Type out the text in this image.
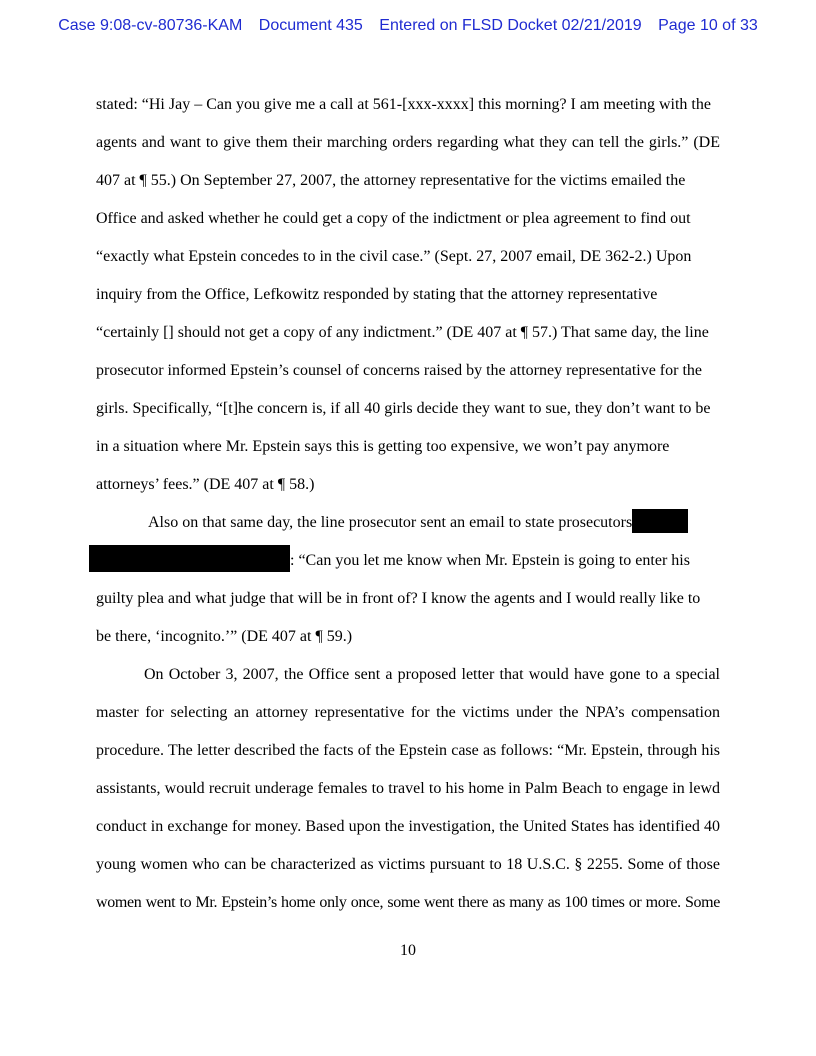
Case 9:08-cv-80736-KAM Document 435 Entered on FLSD Docket 02/21/2019 Page 10 of 33
stated: “Hi Jay – Can you give me a call at 561-[xxx-xxxx] this morning? I am meeting with the
agents and want to give them their marching orders regarding what they can tell the girls.” (DE
407 at ¶ 55.) On September 27, 2007, the attorney representative for the victims emailed the
Office and asked whether he could get a copy of the indictment or plea agreement to find out
“exactly what Epstein concedes to in the civil case.” (Sept. 27, 2007 email, DE 362-2.) Upon
inquiry from the Office, Lefkowitz responded by stating that the attorney representative
“certainly [] should not get a copy of any indictment.” (DE 407 at ¶ 57.) That same day, the line
prosecutor informed Epstein’s counsel of concerns raised by the attorney representative for the
girls. Specifically, “[t]he concern is, if all 40 girls decide they want to sue, they don’t want to be
in a situation where Mr. Epstein says this is getting too expensive, we won’t pay anymore
attorneys’ fees.” (DE 407 at ¶ 58.)
Also on that same day, the line prosecutor sent an email to state prosecutors
: “Can you let me know when Mr. Epstein is going to enter his
guilty plea and what judge that will be in front of? I know the agents and I would really like to
be there, ‘incognito.’” (DE 407 at ¶ 59.)
On October 3, 2007, the Office sent a proposed letter that would have gone to a special
master for selecting an attorney representative for the victims under the NPA’s compensation
procedure. The letter described the facts of the Epstein case as follows: “Mr. Epstein, through his
assistants, would recruit underage females to travel to his home in Palm Beach to engage in lewd
conduct in exchange for money. Based upon the investigation, the United States has identified 40
young women who can be characterized as victims pursuant to 18 U.S.C. § 2255. Some of those
women went to Mr. Epstein’s home only once, some went there as many as 100 times or more. Some
10
